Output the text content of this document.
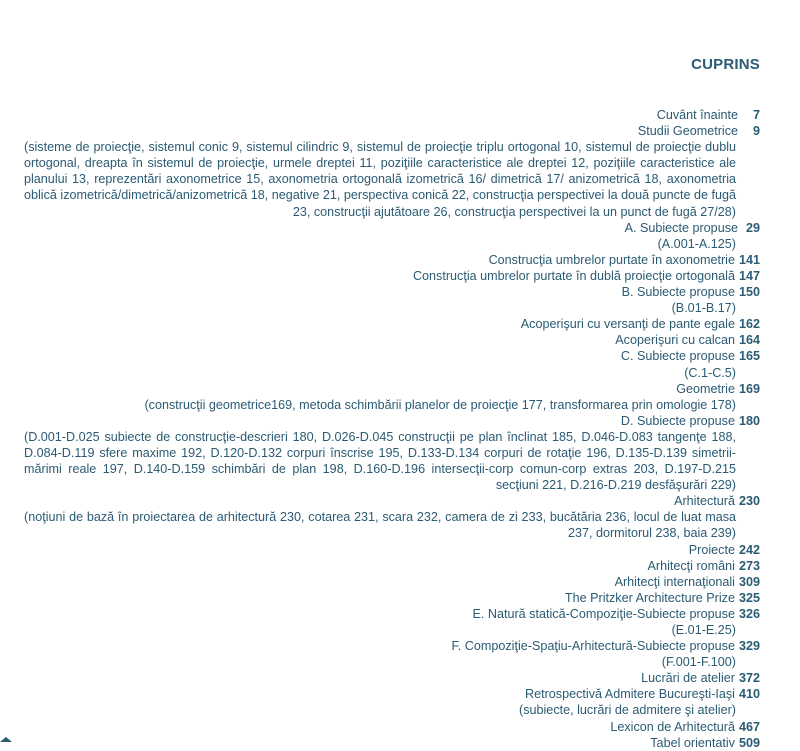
CUPRINS
Cuvânt înainte 7
Studii Geometrice 9
(sisteme de proiecţie, sistemul conic 9, sistemul cilindric 9, sistemul de proiecţie triplu ortogonal 10, sistemul de proiecţie dublu ortogonal, dreapta în sistemul de proiecţie, urmele dreptei 11, poziţiile caracteristice ale dreptei 12, poziţiile caracteristice ale planului 13, reprezentări axonometrice 15, axonometria ortogonală izometrică 16/ dimetrică 17/ anizometrică 18, axonometria oblică izometrică/dimetrică/anizometrică 18, negative 21, perspectiva conică 22, construcţia perspectivei la două puncte de fugă 23, construcţii ajutătoare 26, construcţia perspectivei la un punct de fugă 27/28)
A. Subiecte propuse 29
(A.001-A.125)
Construcţia umbrelor purtate în axonometrie 141
Construcţia umbrelor purtate în dublă proiecţie ortogonală 147
B. Subiecte propuse 150
(B.01-B.17)
Acoperişuri cu versanţi de pante egale 162
Acoperişuri cu calcan 164
C. Subiecte propuse 165
(C.1-C.5)
Geometrie 169
(construcţii geometrice169, metoda schimbării planelor de proiecţie 177, transformarea prin omologie 178)
D. Subiecte propuse 180
(D.001-D.025 subiecte de construcţie-descrieri 180, D.026-D.045 construcţii pe plan înclinat 185, D.046-D.083 tangenţe 188, D.084-D.119 sfere maxime 192, D.120-D.132 corpuri înscrise 195, D.133-D.134 corpuri de rotaţie 196, D.135-D.139 simetrii-mărimi reale 197, D.140-D.159 schimbări de plan 198, D.160-D.196 intersecţii-corp comun-corp extras 203, D.197-D.215 secţiuni 221, D.216-D.219 desfăşurări 229)
Arhitectură 230
(noţiuni de bază în proiectarea de arhitectură 230, cotarea 231, scara 232, camera de zi 233, bucătăria 236, locul de luat masa 237, dormitorul 238, baia 239)
Proiecte 242
Arhitecţi români 273
Arhitecţi internaţionali 309
The Pritzker Architecture Prize 325
E. Natură statică-Compoziţie-Subiecte propuse 326
(E.01-E.25)
F. Compoziţie-Spaţiu-Arhitectură-Subiecte propuse 329
(F.001-F.100)
Lucrări de atelier 372
Retrospectivă Admitere Bucureşti-Iaşi 410
(subiecte, lucrări de admitere şi atelier)
Lexicon de Arhitectură 467
Tabel orientativ 509
